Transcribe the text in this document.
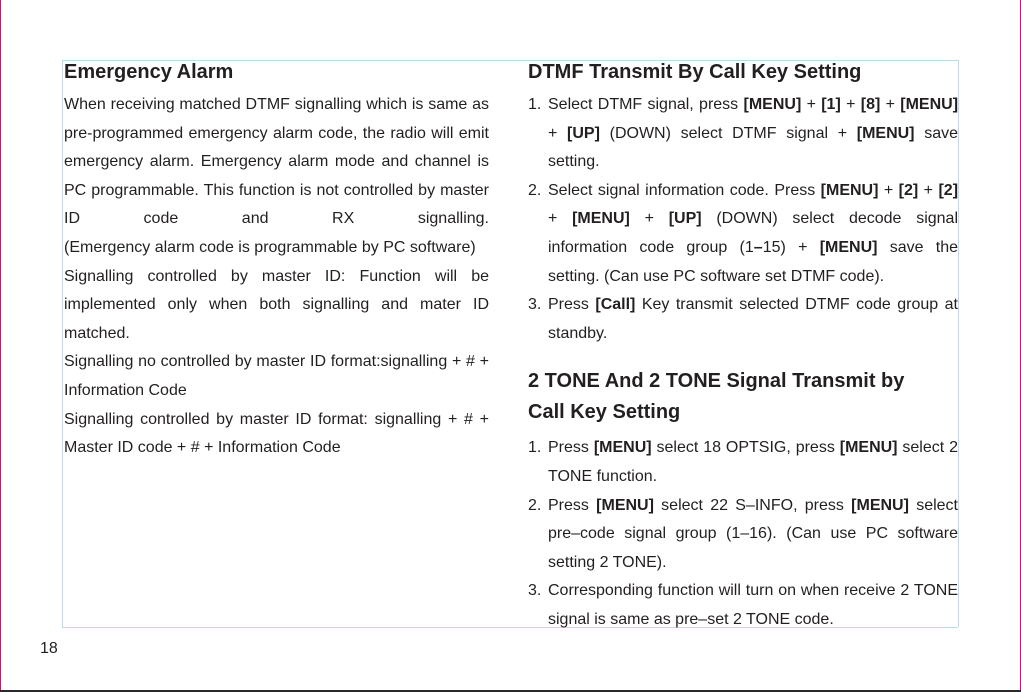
Emergency Alarm

When receiving matched DTMF signalling which is same as pre-programmed emergency alarm code, the radio will emit emergency alarm. Emergency alarm mode and channel is PC programmable. This function is not controlled by master ID code and RX signalling.

(Emergency alarm code is programmable by PC software)

Signalling controlled by master ID: Function will be implemented only when both signalling and mater ID matched.

Signalling no controlled by master ID format:signalling + # + Information Code

Signalling controlled by master ID format: signalling + # + Master ID code + # + Information Code

DTMF Transmit By Call Key Setting
1. Select DTMF signal, press [MENU] + [1] + [8] + [MENU] + [UP] (DOWN) select DTMF signal + [MENU] save setting.
2. Select signal information code. Press [MENU] + [2] + [2] + [MENU] + [UP] (DOWN) select decode signal information code group (1–15) + [MENU] save the setting. (Can use PC software set DTMF code).
3. Press [Call] Key transmit selected DTMF code group at standby.
2 TONE And 2 TONE Signal Transmit by
Call Key Setting
1. Press [MENU] select 18 OPTSIG, press [MENU] select 2 TONE function.
2. Press [MENU] select 22 S–INFO, press [MENU] select pre–code signal group (1–16). (Can use PC software setting 2 TONE).
3. Corresponding function will turn on when receive 2 TONE signal is same as pre–set 2 TONE code.
18
